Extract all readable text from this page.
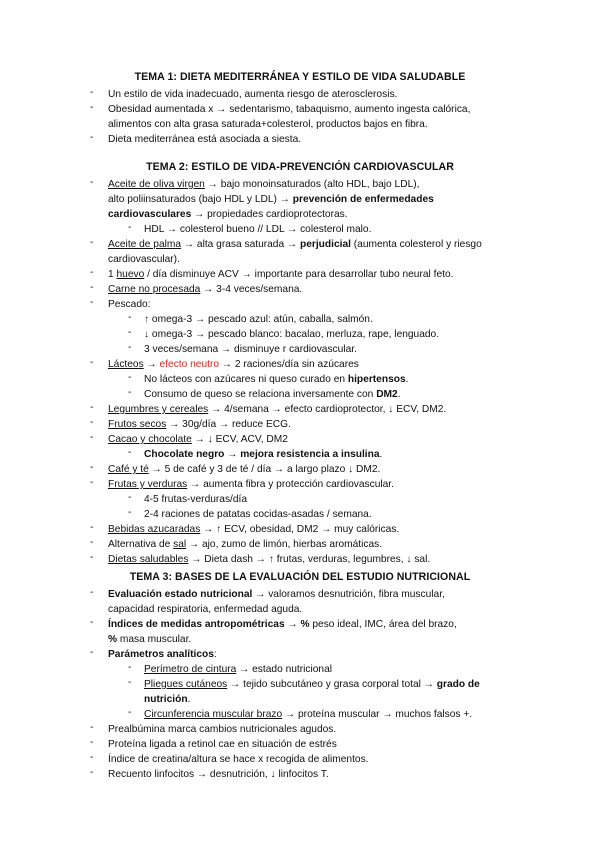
TEMA 1: DIETA MEDITERRÁNEA Y ESTILO DE VIDA SALUDABLE
- Un estilo de vida inadecuado, aumenta riesgo de aterosclerosis.
- Obesidad aumentada x → sedentarismo, tabaquismo, aumento ingesta calórica,
alimentos con alta grasa saturada+colesterol, productos bajos en fibra.
- Dieta mediterránea está asociada a siesta.
TEMA 2: ESTILO DE VIDA-PREVENCIÓN CARDIOVASCULAR
- Aceite de oliva virgen → bajo monoinsaturados (alto HDL, bajo LDL),
alto poliinsaturados (bajo HDL y LDL) → prevención de enfermedades
cardiovasculares → propiedades cardioprotectoras.
- HDL → colesterol bueno // LDL → colesterol malo.
- Aceite de palma → alta grasa saturada → perjudicial (aumenta colesterol y riesgo
cardiovascular).
- 1 huevo / día disminuye ACV → importante para desarrollar tubo neural feto.
- Carne no procesada → 3-4 veces/semana.
- Pescado:
- ↑ omega-3 → pescado azul: atún, caballa, salmón.
- ↓ omega-3 → pescado blanco: bacalao, merluza, rape, lenguado.
- 3 veces/semana → disminuye r cardiovascular.
- Lácteos → efecto neutro → 2 raciones/día sin azúcares
- No lácteos con azúcares ni queso curado en hipertensos.
- Consumo de queso se relaciona inversamente con DM2.
- Legumbres y cereales → 4/semana → efecto cardioprotector, ↓ ECV, DM2.
- Frutos secos → 30g/día → reduce ECG.
- Cacao y chocolate → ↓ ECV, ACV, DM2
- Chocolate negro → mejora resistencia a insulina.
- Café y té → 5 de café y 3 de té / día → a largo plazo ↓ DM2.
- Frutas y verduras → aumenta fibra y protección cardiovascular.
- 4-5 frutas-verduras/día
- 2-4 raciones de patatas cocidas-asadas / semana.
- Bebidas azucaradas → ↑ ECV, obesidad, DM2 → muy calóricas.
- Alternativa de sal → ajo, zumo de limón, hierbas aromáticas.
- Dietas saludables → Dieta dash → ↑ frutas, verduras, legumbres, ↓ sal.
TEMA 3: BASES DE LA EVALUACIÓN DEL ESTUDIO NUTRICIONAL
- Evaluación estado nutricional → valoramos desnutrición, fibra muscular,
capacidad respiratoria, enfermedad aguda.
- Índices de medidas antropométricas → % peso ideal, IMC, área del brazo,
% masa muscular.
- Parámetros analíticos:
- Perímetro de cintura → estado nutricional
- Pliegues cutáneos → tejido subcutáneo y grasa corporal total → grado de
nutrición.
- Circunferencia muscular brazo → proteína muscular → muchos falsos +.
- Prealbúmina marca cambios nutricionales agudos.
- Proteína ligada a retinol cae en situación de estrés
- Índice de creatina/altura se hace x recogida de alimentos.
- Recuento linfocitos → desnutrición, ↓ linfocitos T.
